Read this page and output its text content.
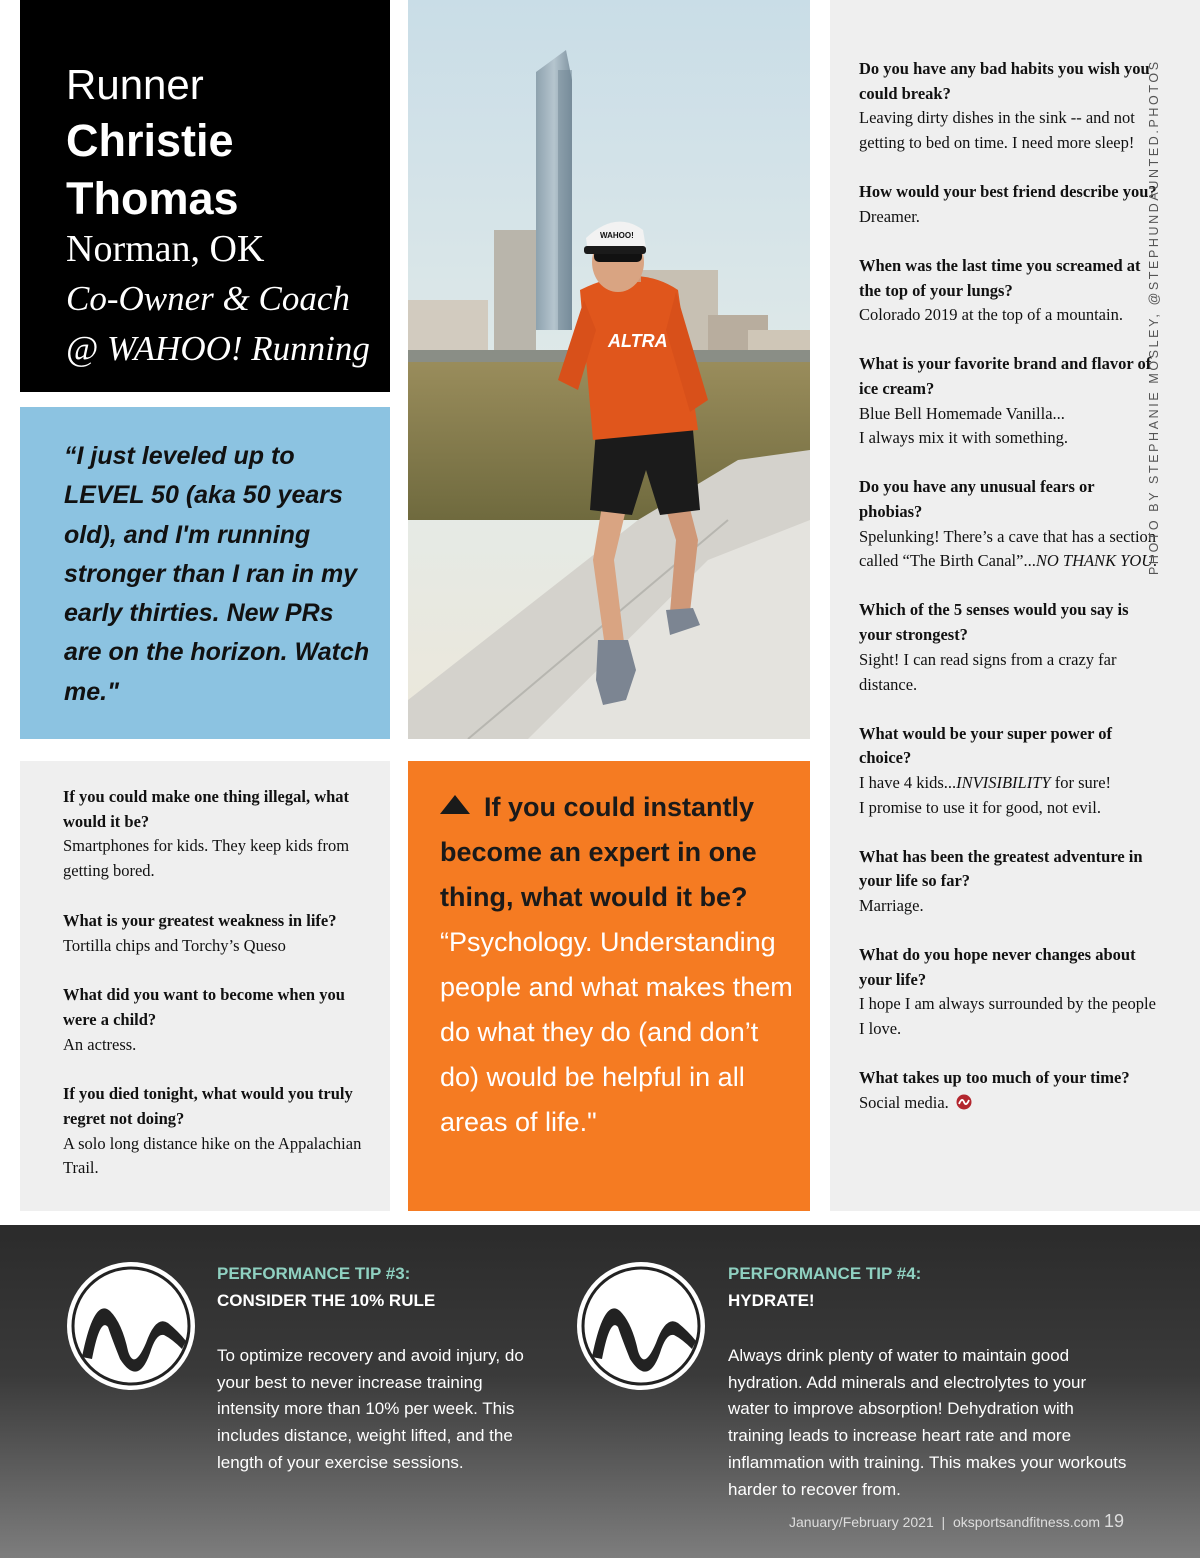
Runner
Christie
Thomas
Norman, OK
Co-Owner & Coach
@ WAHOO! Running

“I just leveled up to LEVEL 50 (aka 50 years old), and I'm running stronger than I ran in my early thirties. New PRs are on the horizon. Watch me."

ALTRA
WAHOO!
If you could make one thing illegal, what would it be?
Smartphones for kids. They keep kids from getting bored.
What is your greatest weakness in life?
Tortilla chips and Torchy’s Queso
What did you want to become when you were a child?
An actress.
If you died tonight, what would you truly regret not doing?
A solo long distance hike on the Appalachian Trail.
If you could instantly become an expert in one thing, what would it be?
“Psychology. Understanding people and what makes them do what they do (and don’t do) would be helpful in all areas of life."
Do you have any bad habits you wish you could break?
Leaving dirty dishes in the sink -- and not getting to bed on time. I need more sleep!
How would your best friend describe you?
Dreamer.
When was the last time you screamed at the top of your lungs?
Colorado 2019 at the top of a mountain.
What is your favorite brand and flavor of ice cream?
Blue Bell Homemade Vanilla...
I always mix it with something.
Do you have any unusual fears or phobias?
Spelunking! There’s a cave that has a section called “The Birth Canal”...NO THANK YOU.
Which of the 5 senses would you say is your strongest?
Sight! I can read signs from a crazy far distance.
What would be your super power of choice?
I have 4 kids...INVISIBILITY for sure!
I promise to use it for good, not evil.
What has been the greatest adventure in your life so far?
Marriage.
What do you hope never changes about your life?
I hope I am always surrounded by the people I love.
What takes up too much of your time?
Social media.
PHOTO BY STEPHANIE MOSLEY, @STEPHUNDAUNTED.PHOTOS
PERFORMANCE TIP #3:
CONSIDER THE 10% RULE
To optimize recovery and avoid injury, do your best to never increase training intensity more than 10% per week. This includes distance, weight lifted, and the length of your exercise sessions.
PERFORMANCE TIP #4:
HYDRATE!
Always drink plenty of water to maintain good hydration. Add minerals and electrolytes to your water to improve absorption! Dehydration with training leads to increase heart rate and more inflammation with training. This makes your workouts harder to recover from.
January/February 2021 | oksportsandfitness.com 19
